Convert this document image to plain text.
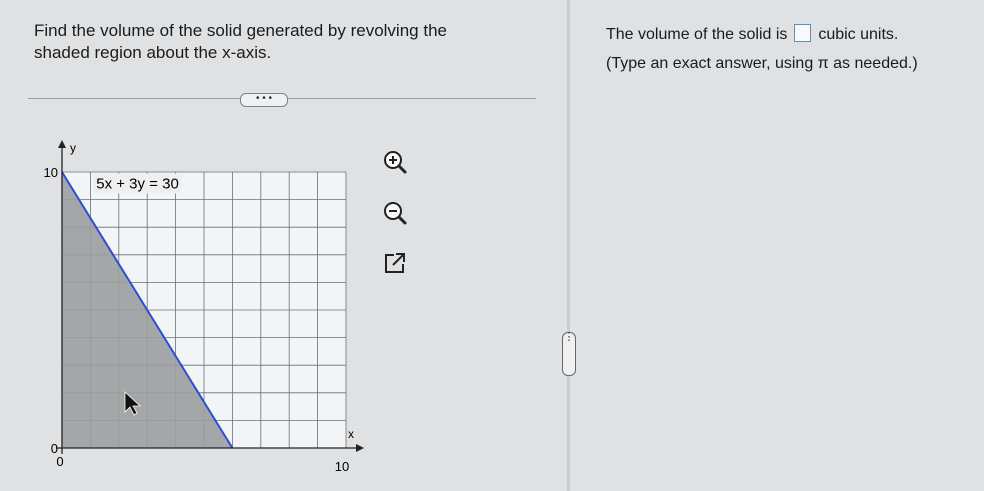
Find the volume of the solid generated by revolving the
shaded region about the x-axis.
• • •
y
x
10
0
0	10
5x + 3y = 30
⋮
The volume of the solid is cubic units.
(Type an exact answer, using π as needed.)
